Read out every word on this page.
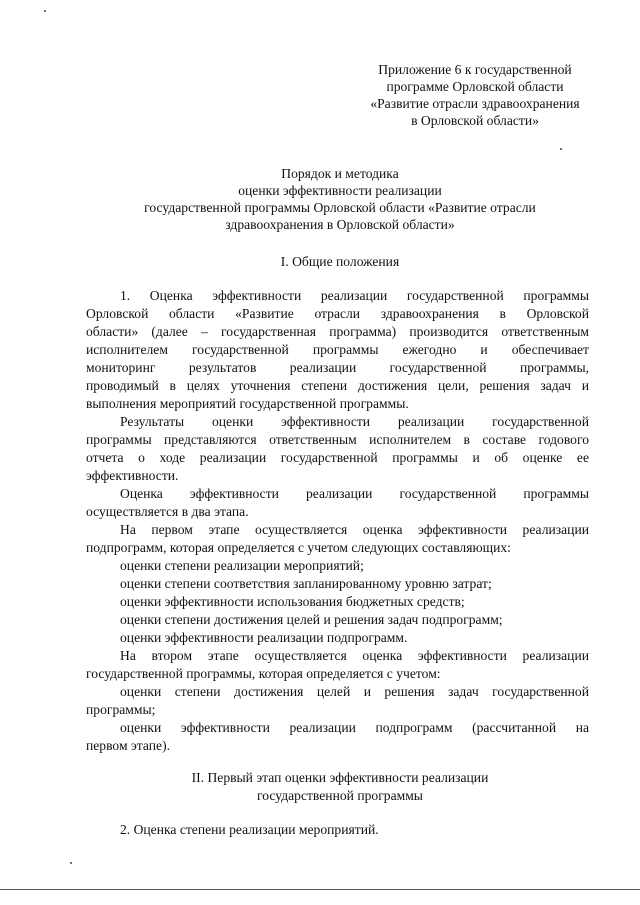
Приложение 6 к государственной
программе Орловской области
«Развитие отрасли здравоохранения
в Орловской области»
Порядок и методика
оценки эффективности реализации
государственной программы Орловской области «Развитие отрасли
здравоохранения в Орловской области»
I. Общие положения
1. Оценка эффективности реализации государственной программы
Орловской области «Развитие отрасли здравоохранения в Орловской
области» (далее – государственная программа) производится ответственным
исполнителем государственной программы ежегодно и обеспечивает
мониторинг результатов реализации государственной программы,
проводимый в целях уточнения степени достижения цели, решения задач и
выполнения мероприятий государственной программы.
Результаты оценки эффективности реализации государственной
программы представляются ответственным исполнителем в составе годового
отчета о ходе реализации государственной программы и об оценке ее
эффективности.
Оценка эффективности реализации государственной программы
осуществляется в два этапа.
На первом этапе осуществляется оценка эффективности реализации
подпрограмм, которая определяется с учетом следующих составляющих:
оценки степени реализации мероприятий;
оценки степени соответствия запланированному уровню затрат;
оценки эффективности использования бюджетных средств;
оценки степени достижения целей и решения задач подпрограмм;
оценки эффективности реализации подпрограмм.
На втором этапе осуществляется оценка эффективности реализации
государственной программы, которая определяется с учетом:
оценки степени достижения целей и решения задач государственной
программы;
оценки эффективности реализации подпрограмм (рассчитанной на
первом этапе).
II. Первый этап оценки эффективности реализации
государственной программы
2. Оценка степени реализации мероприятий.
